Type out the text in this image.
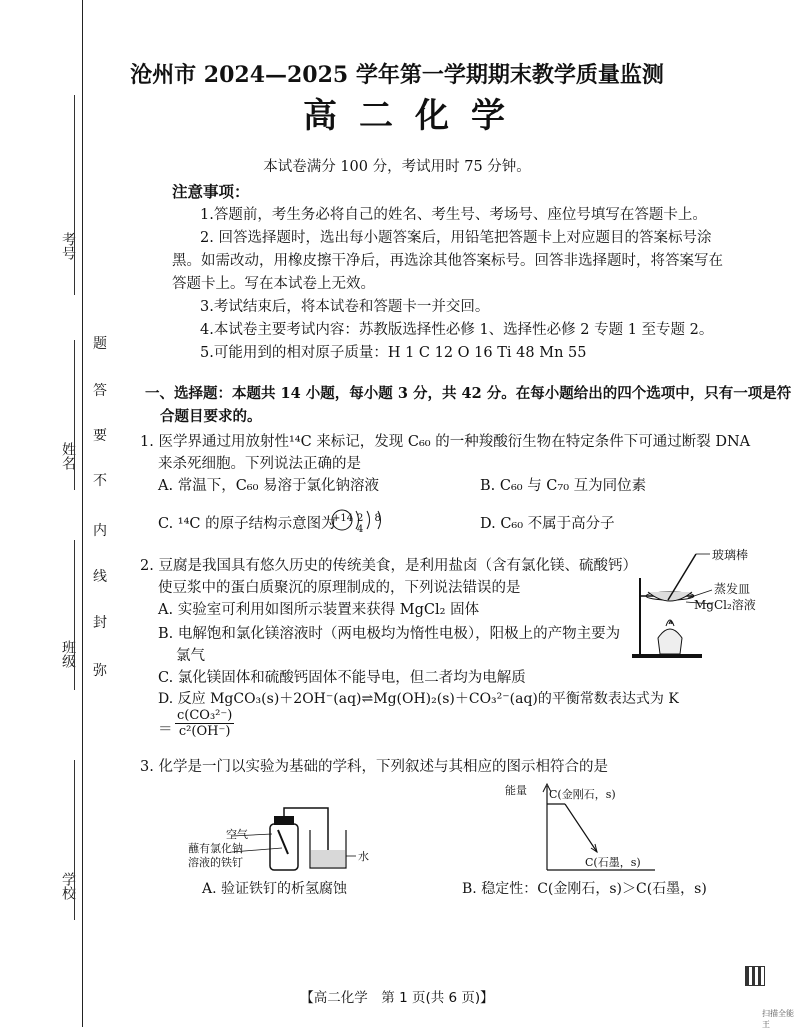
考号
姓名
班级
学校
题
答
要
不
内
线
封
弥
沧州市 2024—2025 学年第一学期期末教学质量监测
高二化学
本试卷满分 100 分，考试用时 75 分钟。
注意事项：
1.答题前，考生务必将自己的姓名、考生号、考场号、座位号填写在答题卡上。
2. 回答选择题时，选出每小题答案后，用铅笔把答题卡上对应题目的答案标号涂
黑。如需改动，用橡皮擦干净后，再选涂其他答案标号。回答非选择题时，将答案写在
答题卡上。写在本试卷上无效。
3.考试结束后，将本试卷和答题卡一并交回。
4.本试卷主要考试内容：苏教版选择性必修 1、选择性必修 2 专题 1 至专题 2。
5.可能用到的相对原子质量：H 1 C 12 O 16 Ti 48 Mn 55
一、选择题：本题共 14 小题，每小题 3 分，共 42 分。在每小题给出的四个选项中，只有一项是符
合题目要求的。
1. 医学界通过用放射性¹⁴C 来标记，发现 C₆₀ 的一种羧酸衍生物在特定条件下可通过断裂 DNA
来杀死细胞。下列说法正确的是
A. 常温下，C₆₀ 易溶于氯化钠溶液	B. C₆₀ 与 C₇₀ 互为同位素
C. ¹⁴C 的原子结构示意图为
+14 2 8 4	D. C₆₀ 不属于高分子
2. 豆腐是我国具有悠久历史的传统美食，是利用盐卤（含有氯化镁、硫酸钙）
使豆浆中的蛋白质聚沉的原理制成的，下列说法错误的是
A. 实验室可利用如图所示装置来获得 MgCl₂ 固体
B. 电解饱和氯化镁溶液时（两电极均为惰性电极），阳极上的产物主要为
氯气
C. 氯化镁固体和硫酸钙固体不能导电，但二者均为电解质
D. 反应 MgCO₃(s)＋2OH⁻(aq)⇌Mg(OH)₂(s)＋CO₃²⁻(aq)的平衡常数表达式为 K
＝ $\frac{\text{c(CO₃²⁻)}}{\text{c²(OH⁻)}}$
玻璃棒
蒸发皿
MgCl₂溶液
3. 化学是一门以实验为基础的学科，下列叙述与其相应的图示相符合的是
空气
蘸有氯化钠
溶液的铁钉	水
A. 验证铁钉的析氢腐蚀
能量 C(金刚石，s)
C(石墨，s)
B. 稳定性：C(金刚石，s)＞C(石墨，s)
【高二化学　第 1 页(共 6 页)】
扫描全能王
